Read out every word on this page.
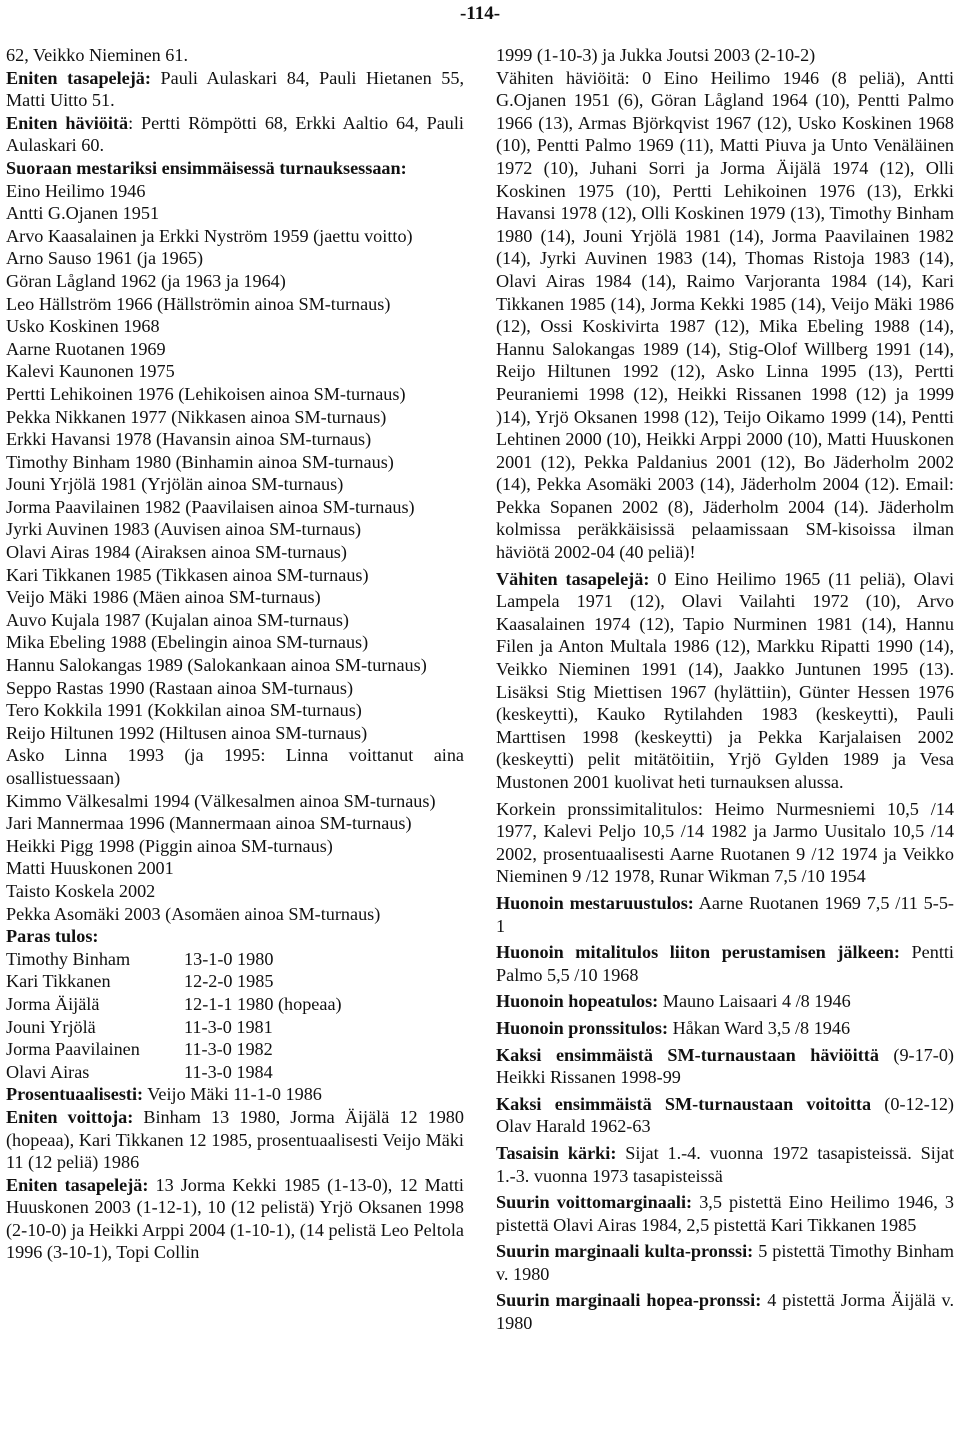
-114-

62, Veikko Nieminen 61.

Eniten tasapelejä: Pauli Aulaskari 84, Pauli Hietanen 55, Matti Uitto 51.

Eniten häviöitä: Pertti Römpötti 68, Erkki Aaltio 64, Pauli Aulaskari 60.

Suoraan mestariksi ensimmäisessä turnauksessaan:

Eino Heilimo 1946

Antti G.Ojanen 1951

Arvo Kaasalainen ja Erkki Nyström 1959 (jaettu voitto)

Arno Sauso 1961 (ja 1965)

Göran Lågland 1962 (ja 1963 ja 1964)

Leo Hällström 1966 (Hällströmin ainoa SM-turnaus)

Usko Koskinen 1968

Aarne Ruotanen 1969

Kalevi Kaunonen 1975

Pertti Lehikoinen 1976 (Lehikoisen ainoa SM-turnaus)

Pekka Nikkanen 1977 (Nikkasen ainoa SM-turnaus)

Erkki Havansi 1978 (Havansin ainoa SM-turnaus)

Timothy Binham 1980 (Binhamin ainoa SM-turnaus)

Jouni Yrjölä 1981 (Yrjölän ainoa SM-turnaus)

Jorma Paavilainen 1982 (Paavilaisen ainoa SM-turnaus)

Jyrki Auvinen 1983 (Auvisen ainoa SM-turnaus)

Olavi Airas 1984 (Airaksen ainoa SM-turnaus)

Kari Tikkanen 1985 (Tikkasen ainoa SM-turnaus)

Veijo Mäki 1986 (Mäen ainoa SM-turnaus)

Auvo Kujala 1987 (Kujalan ainoa SM-turnaus)

Mika Ebeling 1988 (Ebelingin ainoa SM-turnaus)

Hannu Salokangas 1989 (Salokankaan ainoa SM-turnaus)

Seppo Rastas 1990 (Rastaan ainoa SM-turnaus)

Tero Kokkila 1991 (Kokkilan ainoa SM-turnaus)

Reijo Hiltunen 1992 (Hiltusen ainoa SM-turnaus)

Asko Linna 1993 (ja 1995: Linna voittanut aina osallistuessaan)

Kimmo Välkesalmi 1994 (Välkesalmen ainoa SM-turnaus)

Jari Mannermaa 1996 (Mannermaan ainoa SM-turnaus)

Heikki Pigg 1998 (Piggin ainoa SM-turnaus)

Matti Huuskonen 2001

Taisto Koskela 2002

Pekka Asomäki 2003 (Asomäen ainoa SM-turnaus)

Paras tulos:

Timothy Binham	13-1-0 1980
Kari Tikkanen	12-2-0 1985
Jorma Äijälä	12-1-1 1980 (hopeaa)
Jouni Yrjölä	11-3-0 1981
Jorma Paavilainen	11-3-0 1982
Olavi Airas	11-3-0 1984

Prosentuaalisesti: Veijo Mäki 11-1-0 1986

Eniten voittoja: Binham 13 1980, Jorma Äijälä 12 1980 (hopeaa), Kari Tikkanen 12 1985, prosentuaalisesti Veijo Mäki 11 (12 peliä) 1986

Eniten tasapelejä: 13 Jorma Kekki 1985 (1-13-0), 12 Matti Huuskonen 2003 (1-12-1), 10 (12 pelistä) Yrjö Oksanen 1998 (2-10-0) ja Heikki Arppi 2004 (1-10-1), (14 pelistä Leo Peltola 1996 (3-10-1), Topi Collin

1999 (1-10-3) ja Jukka Joutsi 2003 (2-10-2)

Vähiten häviöitä: 0 Eino Heilimo 1946 (8 peliä), Antti G.Ojanen 1951 (6), Göran Lågland 1964 (10), Pentti Palmo 1966 (13), Armas Björkqvist 1967 (12), Usko Koskinen 1968 (10), Pentti Palmo 1969 (11), Matti Piuva ja Unto Venäläinen 1972 (10), Juhani Sorri ja Jorma Äijälä 1974 (12), Olli Koskinen 1975 (10), Pertti Lehikoinen 1976 (13), Erkki Havansi 1978 (12), Olli Koskinen 1979 (13), Timothy Binham 1980 (14), Jouni Yrjölä 1981 (14), Jorma Paavilainen 1982 (14), Jyrki Auvinen 1983 (14), Thomas Ristoja 1983 (14), Olavi Airas 1984 (14), Raimo Varjoranta 1984 (14), Kari Tikkanen 1985 (14), Jorma Kekki 1985 (14), Veijo Mäki 1986 (12), Ossi Koskivirta 1987 (12), Mika Ebeling 1988 (14), Hannu Salokangas 1989 (14), Stig-Olof Willberg 1991 (14), Reijo Hiltunen 1992 (12), Asko Linna 1995 (13), Pertti Peuraniemi 1998 (12), Heikki Rissanen 1998 (12) ja 1999 )14), Yrjö Oksanen 1998 (12), Teijo Oikamo 1999 (14), Pentti Lehtinen 2000 (10), Heikki Arppi 2000 (10), Matti Huuskonen 2001 (12), Pekka Paldanius 2001 (12), Bo Jäderholm 2002 (14), Pekka Asomäki 2003 (14), Jäderholm 2004 (12). Email: Pekka Sopanen 2002 (8), Jäderholm 2004 (14). Jäderholm kolmissa peräkkäisissä pelaamissaan SM-kisoissa ilman häviötä 2002-04 (40 peliä)!

Vähiten tasapelejä: 0 Eino Heilimo 1965 (11 peliä), Olavi Lampela 1971 (12), Olavi Vailahti 1972 (10), Arvo Kaasalainen 1974 (12), Tapio Nurminen 1981 (14), Hannu Filen ja Anton Multala 1986 (12), Markku Ripatti 1990 (14), Veikko Nieminen 1991 (14), Jaakko Juntunen 1995 (13). Lisäksi Stig Miettisen 1967 (hylättiin), Günter Hessen 1976 (keskeytti), Kauko Rytilahden 1983 (keskeytti), Pauli Marttisen 1998 (keskeytti) ja Pekka Karjalaisen 2002 (keskeytti) pelit mitätöitiin, Yrjö Gylden 1989 ja Vesa Mustonen 2001 kuolivat heti turnauksen alussa.

Korkein pronssimitalitulos: Heimo Nurmesniemi 10,5 /14 1977, Kalevi Peljo 10,5 /14 1982 ja Jarmo Uusitalo 10,5 /14 2002, prosentuaalisesti Aarne Ruotanen 9 /12 1974 ja Veikko Nieminen 9 /12 1978, Runar Wikman 7,5 /10 1954

Huonoin mestaruustulos: Aarne Ruotanen 1969 7,5 /11 5-5-1

Huonoin mitalitulos liiton perustamisen jälkeen: Pentti Palmo 5,5 /10 1968

Huonoin hopeatulos: Mauno Laisaari 4 /8 1946

Huonoin pronssitulos: Håkan Ward 3,5 /8 1946

Kaksi ensimmäistä SM-turnaustaan häviöittä (9-17-0) Heikki Rissanen 1998-99

Kaksi ensimmäistä SM-turnaustaan voitoitta (0-12-12) Olav Harald 1962-63

Tasaisin kärki: Sijat 1.-4. vuonna 1972 tasapisteissä. Sijat 1.-3. vuonna 1973 tasapisteissä

Suurin voittomarginaali: 3,5 pistettä Eino Heilimo 1946, 3 pistettä Olavi Airas 1984, 2,5 pistettä Kari Tikkanen 1985

Suurin marginaali kulta-pronssi: 5 pistettä Timothy Binham v. 1980

Suurin marginaali hopea-pronssi: 4 pistettä Jorma Äijälä v. 1980
